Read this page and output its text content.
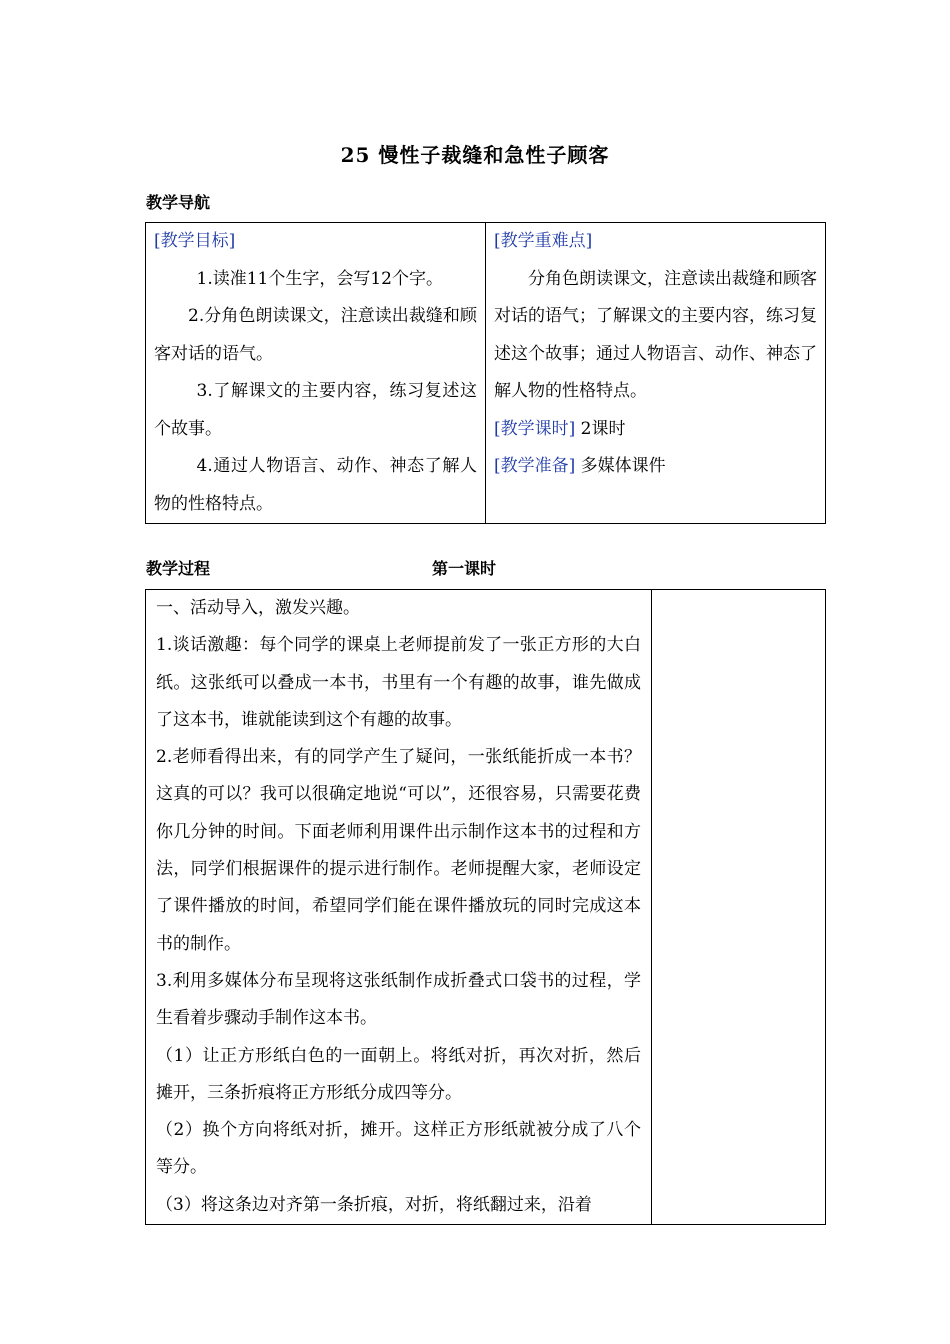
25 慢性子裁缝和急性子顾客
教学导航

[教学目标]

1.读准11个生字，会写12个字。

2.分角色朗读课文，注意读出裁缝和顾客对话的语气。

3.了解课文的主要内容，练习复述这个故事。

4.通过人物语言、动作、神态了解人物的性格特点。

[教学重难点]

分角色朗读课文，注意读出裁缝和顾客对话的语气；了解课文的主要内容，练习复述这个故事；通过人物语言、动作、神态了解人物的性格特点。

[教学课时] 2课时

[教学准备] 多媒体课件

教学过程	第一课时

一、活动导入，激发兴趣。

1.谈话激趣：每个同学的课桌上老师提前发了一张正方形的大白纸。这张纸可以叠成一本书，书里有一个有趣的故事，谁先做成了这本书，谁就能读到这个有趣的故事。

2.老师看得出来，有的同学产生了疑问，一张纸能折成一本书？这真的可以？我可以很确定地说“可以”，还很容易，只需要花费你几分钟的时间。下面老师利用课件出示制作这本书的过程和方法，同学们根据课件的提示进行制作。老师提醒大家，老师设定了课件播放的时间，希望同学们能在课件播放玩的同时完成这本书的制作。

3.利用多媒体分布呈现将这张纸制作成折叠式口袋书的过程，学生看着步骤动手制作这本书。

（1）让正方形纸白色的一面朝上。将纸对折，再次对折，然后摊开，三条折痕将正方形纸分成四等分。

（2）换个方向将纸对折，摊开。这样正方形纸就被分成了八个等分。

（3）将这条边对齐第一条折痕，对折，将纸翻过来，沿着
